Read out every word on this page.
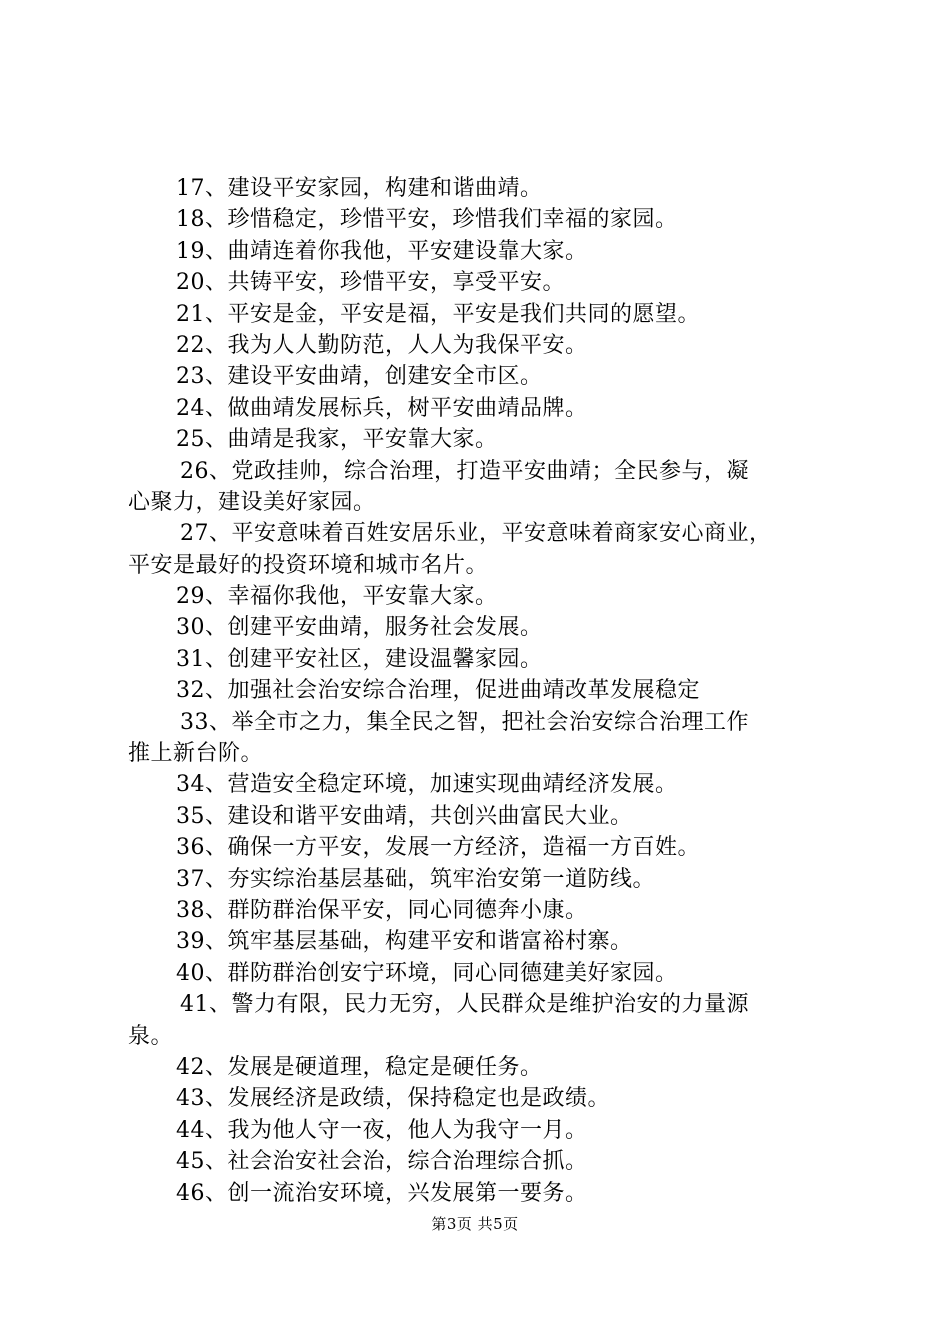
17、建设平安家园，构建和谐曲靖。
18、珍惜稳定，珍惜平安，珍惜我们幸福的家园。
19、曲靖连着你我他，平安建设靠大家。
20、共铸平安，珍惜平安，享受平安。
21、平安是金，平安是福，平安是我们共同的愿望。
22、我为人人勤防范，人人为我保平安。
23、建设平安曲靖，创建安全市区。
24、做曲靖发展标兵，树平安曲靖品牌。
25、曲靖是我家，平安靠大家。
26、党政挂帅，综合治理，打造平安曲靖；全民参与，凝
心聚力，建设美好家园。
27、平安意味着百姓安居乐业，平安意味着商家安心商业，
平安是最好的投资环境和城市名片。
29、幸福你我他，平安靠大家。
30、创建平安曲靖，服务社会发展。
31、创建平安社区，建设温馨家园。
32、加强社会治安综合治理，促进曲靖改革发展稳定
33、举全市之力，集全民之智，把社会治安综合治理工作
推上新台阶。
34、营造安全稳定环境，加速实现曲靖经济发展。
35、建设和谐平安曲靖，共创兴曲富民大业。
36、确保一方平安，发展一方经济，造福一方百姓。
37、夯实综治基层基础，筑牢治安第一道防线。
38、群防群治保平安，同心同德奔小康。
39、筑牢基层基础，构建平安和谐富裕村寨。
40、群防群治创安宁环境，同心同德建美好家园。
41、警力有限，民力无穷，人民群众是维护治安的力量源
泉。
42、发展是硬道理，稳定是硬任务。
43、发展经济是政绩，保持稳定也是政绩。
44、我为他人守一夜，他人为我守一月。
45、社会治安社会治，综合治理综合抓。
46、创一流治安环境，兴发展第一要务。
第3页 共5页
